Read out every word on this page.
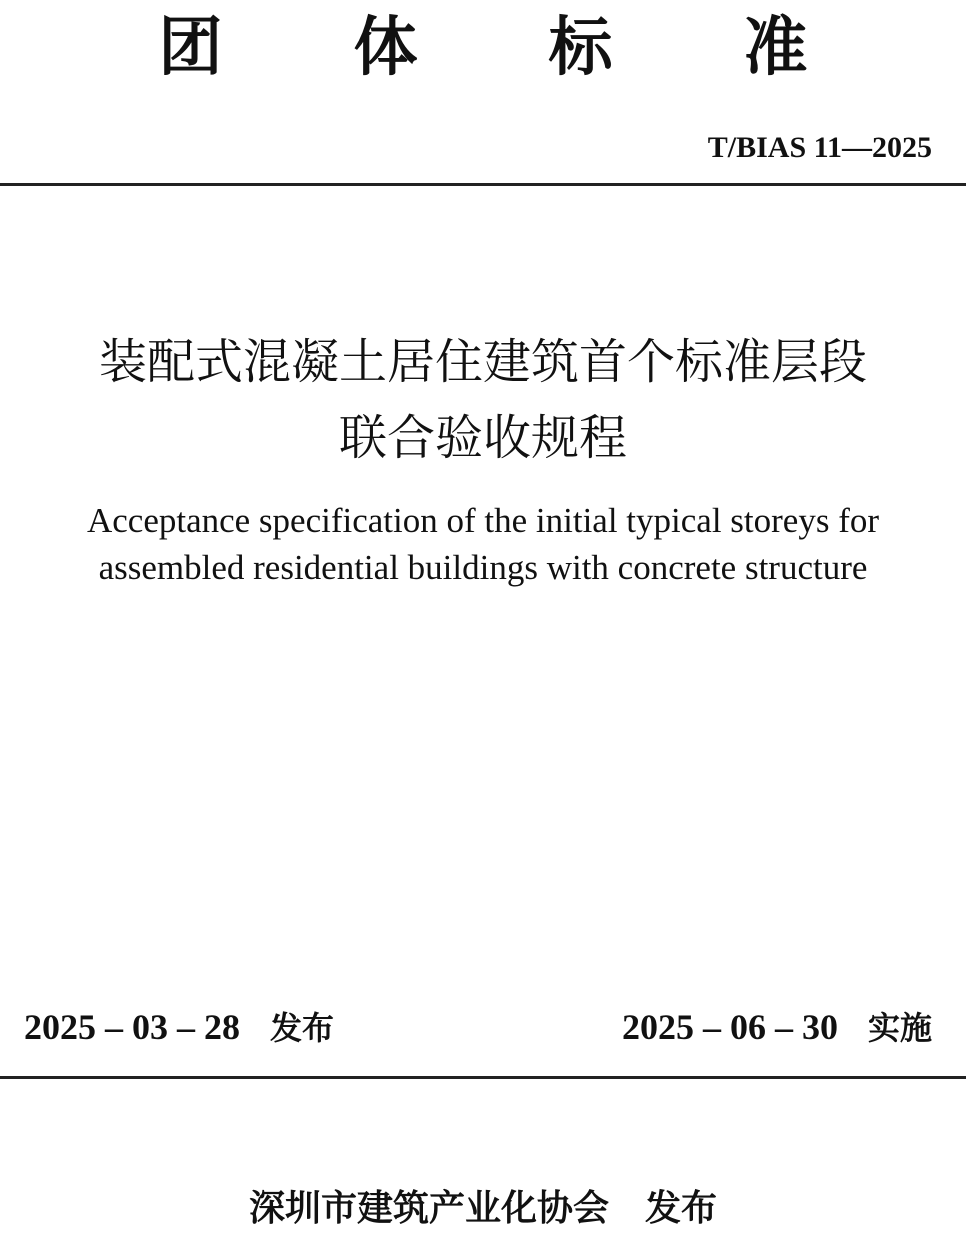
团	体	标	准
T/BIAS 11—2025
装配式混凝土居住建筑首个标准层段
联合验收规程
Acceptance specification of the initial typical storeys for
assembled residential buildings with concrete structure
2025 – 03 – 28 发布	2025 – 06 – 30 实施
深圳市建筑产业化协会 发布
